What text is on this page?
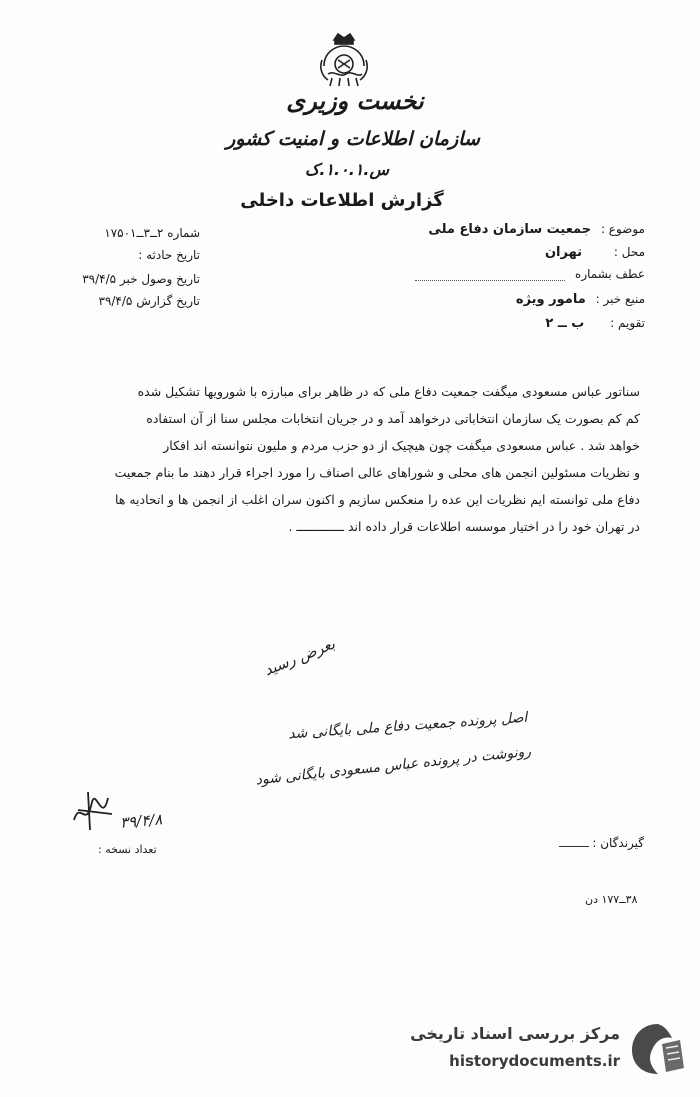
نخست وزیری
سازمان اطلاعات و امنیت کشور
س.۱.۰.۱.ک
گزارش اطلاعات داخلی
موضوع : جمعیت سازمان دفاع ملی
محل : تهران
عطف بشماره
منبع خبر : مامور ویژه
تقویم : ب ــ ۲
شماره ۲ــ۳ــ۱۷۵۰۱
تاریخ حادثه :
تاریخ وصول خبر ۳۹/۴/۵
تاریخ گزارش ۳۹/۴/۵
سناتور عباس مسعودی میگفت جمعیت دفاع ملی که در ظاهر برای مبارزه با شورویها تشکیل شده
کم کم بصورت یک سازمان انتخاباتی درخواهد آمد و در جریان انتخابات مجلس سنا از آن استفاده
خواهد شد . عباس مسعودی میگفت چون هیچیک از دو حزب مردم و ملیون نتوانسته اند افکار
و نظریات مسئولین انجمن های محلی و شوراهای عالی اصناف را مورد اجراء قرار دهند ما بنام جمعیت
دفاع ملی توانسته ایم نظریات این عده را منعکس سازیم و اکنون سران اغلب از انجمن ها و اتحادیه ها
در تهران خود را در اختیار موسسه اطلاعات قرار داده اند ـــــــــــــ .
بعرض رسید
اصل پرونده جمعیت دفاع ملی بایگانی شد
رونوشت در پرونده عباس مسعودی بایگانی شود
۳۹/۴/۸
گیرندگان :
تعداد نسخه :
۳۸ــ۱۷۷ دن
مرکز بررسی اسناد تاریخی
historydocuments.ir
